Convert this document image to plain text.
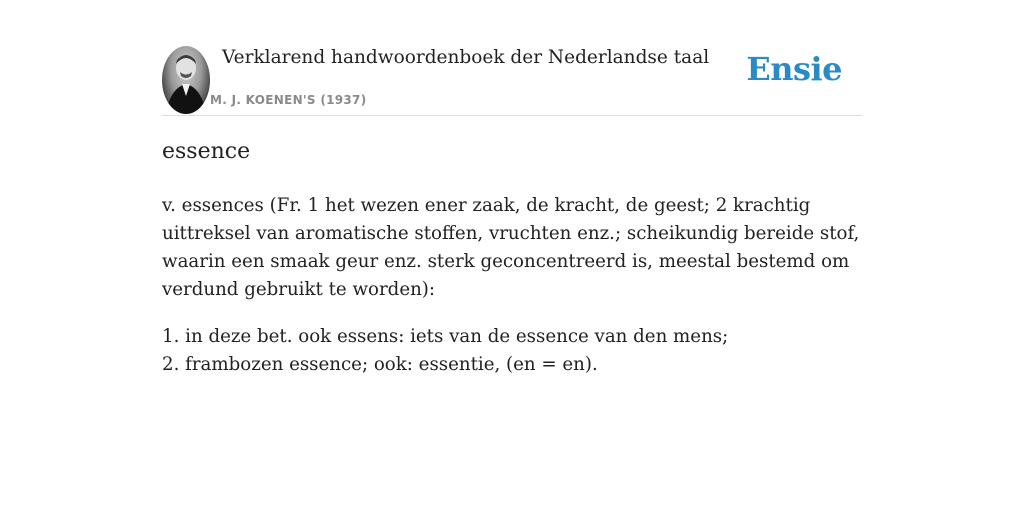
Verklarend handwoordenboek der Nederlandse taal
M. J. KOENEN'S (1937)
Ensie
essence

v. essences (Fr. 1 het wezen ener zaak, de kracht, de geest; 2 krachtig uittreksel van aromatische stoffen, vruchten enz.; scheikundig bereide stof, waarin een smaak geur enz. sterk geconcentreerd is, meestal bestemd om verdund gebruikt te worden):

1. in deze bet. ook essens: iets van de essence van den mens;
2. frambozen essence; ook: essentie, (en = en).
